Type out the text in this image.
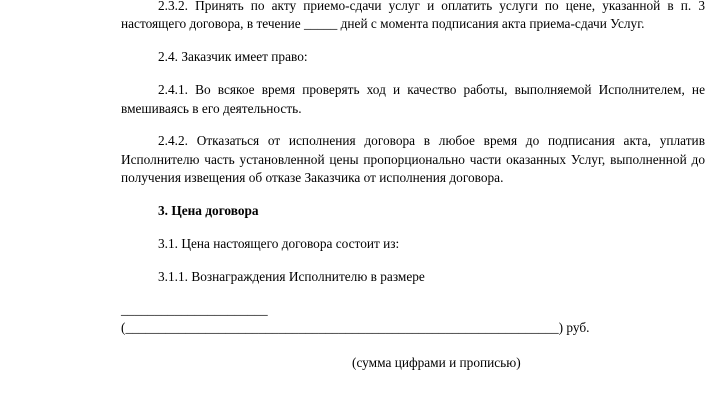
2.3.2. Принять по акту приемо-сдачи услуг и оплатить услуги по цене, указанной в п. 3 настоящего договора, в течение _____ дней с момента подписания акта приема-сдачи Услуг.

2.4. Заказчик имеет право:

2.4.1. Во всякое время проверять ход и качество работы, выполняемой Исполнителем, не вмешиваясь в его деятельность.

2.4.2. Отказаться от исполнения договора в любое время до подписания акта, уплатив Исполнителю часть установленной цены пропорционально части оказанных Услуг, выполненной до получения извещения об отказе Заказчика от исполнения договора.

3. Цена договора

3.1. Цена настоящего договора состоит из:

3.1.1. Вознаграждения Исполнителю в размере

______________________ (_________________________________________________________________) руб.

(сумма цифрами и прописью)
